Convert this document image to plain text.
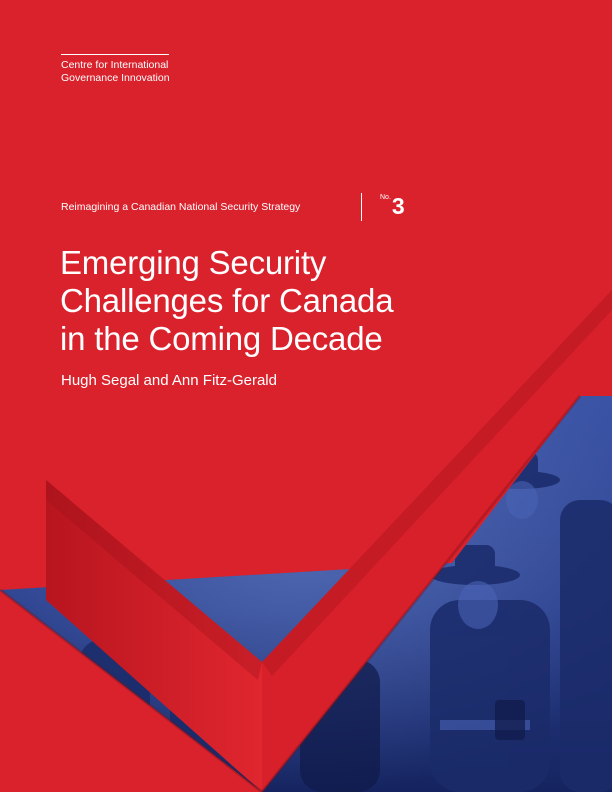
Centre for International
Governance Innovation
Reimagining a Canadian National Security Strategy
$^{No.}$3
Emerging Security
Challenges for Canada
in the Coming Decade
Hugh Segal and Ann Fitz-Gerald
